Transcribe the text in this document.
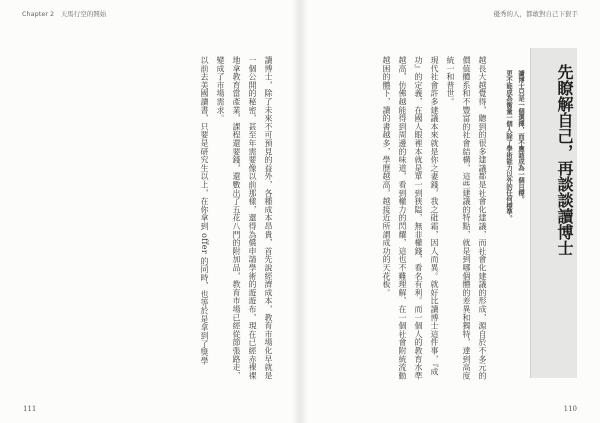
Chapter 2　天馬行空的開始
讀博士，除了未來不可預見的益外，各種成本昂貴，首先說經濟成本，教育市場化早就是一個公開的秘密，甚至年需要像以前那樣，還得為償申請學術的遊遊布，現在已經赤裸裸地拿教育當產業，課程還要錢，還數出了五花八門的附加品，教育市場已經從節張路走，變成了市場需求。
以前去美國讀書，只要是研究生以上，在你拿到 offer 的同時，也等於是拿到了獎學
111
優秀的人，都敢對自己下狠手
110
越長大越覺得，聽到的很多建議都是社會化建議，而社會化建議的形成，源自於不多元的價值體系和不豐富的社會結構，這些建議的特點，就是到哪個體的差異和獨特，達到高度統一和普世。
現代社會許多建議本來就是你之妻錢，我之砒霜，因人而異。就好比讀博士這件事，『成功』的定義，在國人眼裡本就是單一到狹隘，無非權錢，看名有利。而一個人的教育水準越高，仿佛越能得到周邊的味道，看到權力的閃耀，這也不難理解，在一個社會附統流動越困的體下，讀的書越多，學歷越高，越接近所謂成功的天花板。	讀博士只是一個選擇，而不應該成為一個目標。
更不能成為衡量一個人除了學術能力以外的任何標準。	先瞭解自己，再談談讀博士
